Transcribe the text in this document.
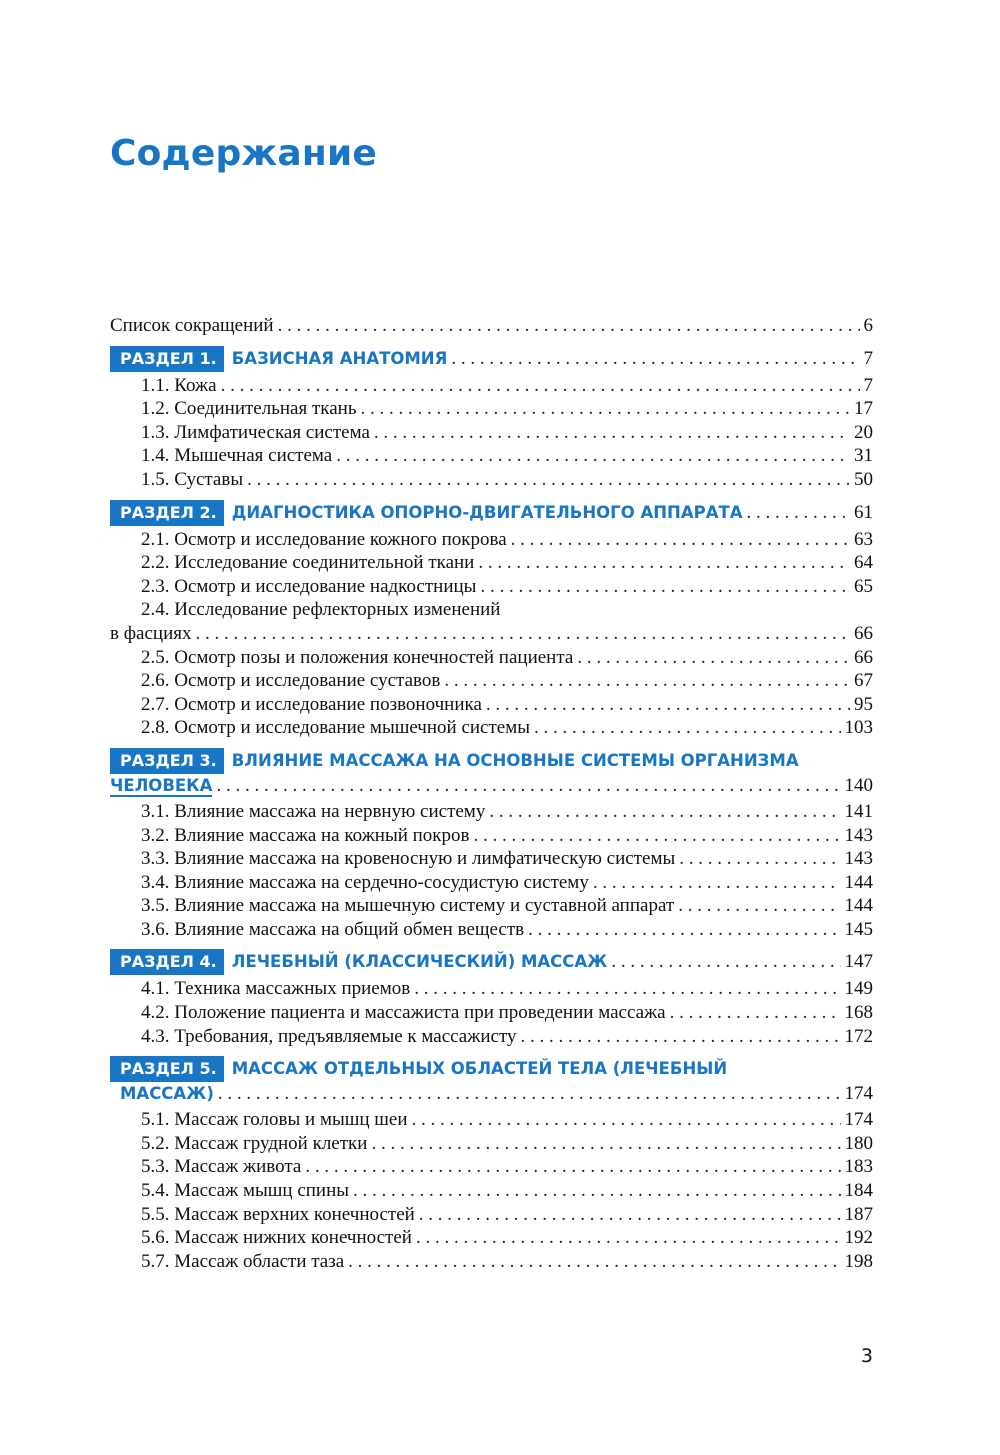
Содержание
Список сокращений . . .	6
РАЗДЕЛ 1. БАЗИСНАЯ АНАТОМИЯ . . .	7
1.1. Кожа . . .	7
1.2. Соединительная ткань . . .	17
1.3. Лимфатическая система . . .	20
1.4. Мышечная система . . .	31
1.5. Суставы . . .	50
РАЗДЕЛ 2. ДИАГНОСТИКА ОПОРНО-ДВИГАТЕЛЬНОГО АППАРАТА . . .	61
2.1. Осмотр и исследование кожного покрова . . .	63
2.2. Исследование соединительной ткани . . .	64
2.3. Осмотр и исследование надкостницы . . .	65
2.4. Исследование рефлекторных изменений
в фасциях . . .	66
2.5. Осмотр позы и положения конечностей пациента . . .	66
2.6. Осмотр и исследование суставов . . .	67
2.7. Осмотр и исследование позвоночника . . .	95
2.8. Осмотр и исследование мышечной системы . . .	103
РАЗДЕЛ 3. ВЛИЯНИЕ МАССАЖА НА ОСНОВНЫЕ СИСТЕМЫ ОРГАНИЗМА
ЧЕЛОВЕКА . . .	140
3.1. Влияние массажа на нервную систему . . .	141
3.2. Влияние массажа на кожный покров . . .	143
3.3. Влияние массажа на кровеносную и лимфатическую системы . . .	143
3.4. Влияние массажа на сердечно-сосудистую систему . . .	144
3.5. Влияние массажа на мышечную систему и суставной аппарат . . .	144
3.6. Влияние массажа на общий обмен веществ . . .	145
РАЗДЕЛ 4. ЛЕЧЕБНЫЙ (КЛАССИЧЕСКИЙ) МАССАЖ . . .	147
4.1. Техника массажных приемов . . .	149
4.2. Положение пациента и массажиста при проведении массажа . . .	168
4.3. Требования, предъявляемые к массажисту . . .	172
РАЗДЕЛ 5. МАССАЖ ОТДЕЛЬНЫХ ОБЛАСТЕЙ ТЕЛА (ЛЕЧЕБНЫЙ
МАССАЖ) . . .	174
5.1. Массаж головы и мышц шеи . . .	174
5.2. Массаж грудной клетки . . .	180
5.3. Массаж живота . . .	183
5.4. Массаж мышц спины . . .	184
5.5. Массаж верхних конечностей . . .	187
5.6. Массаж нижних конечностей . . .	192
5.7. Массаж области таза . . .	198
3
